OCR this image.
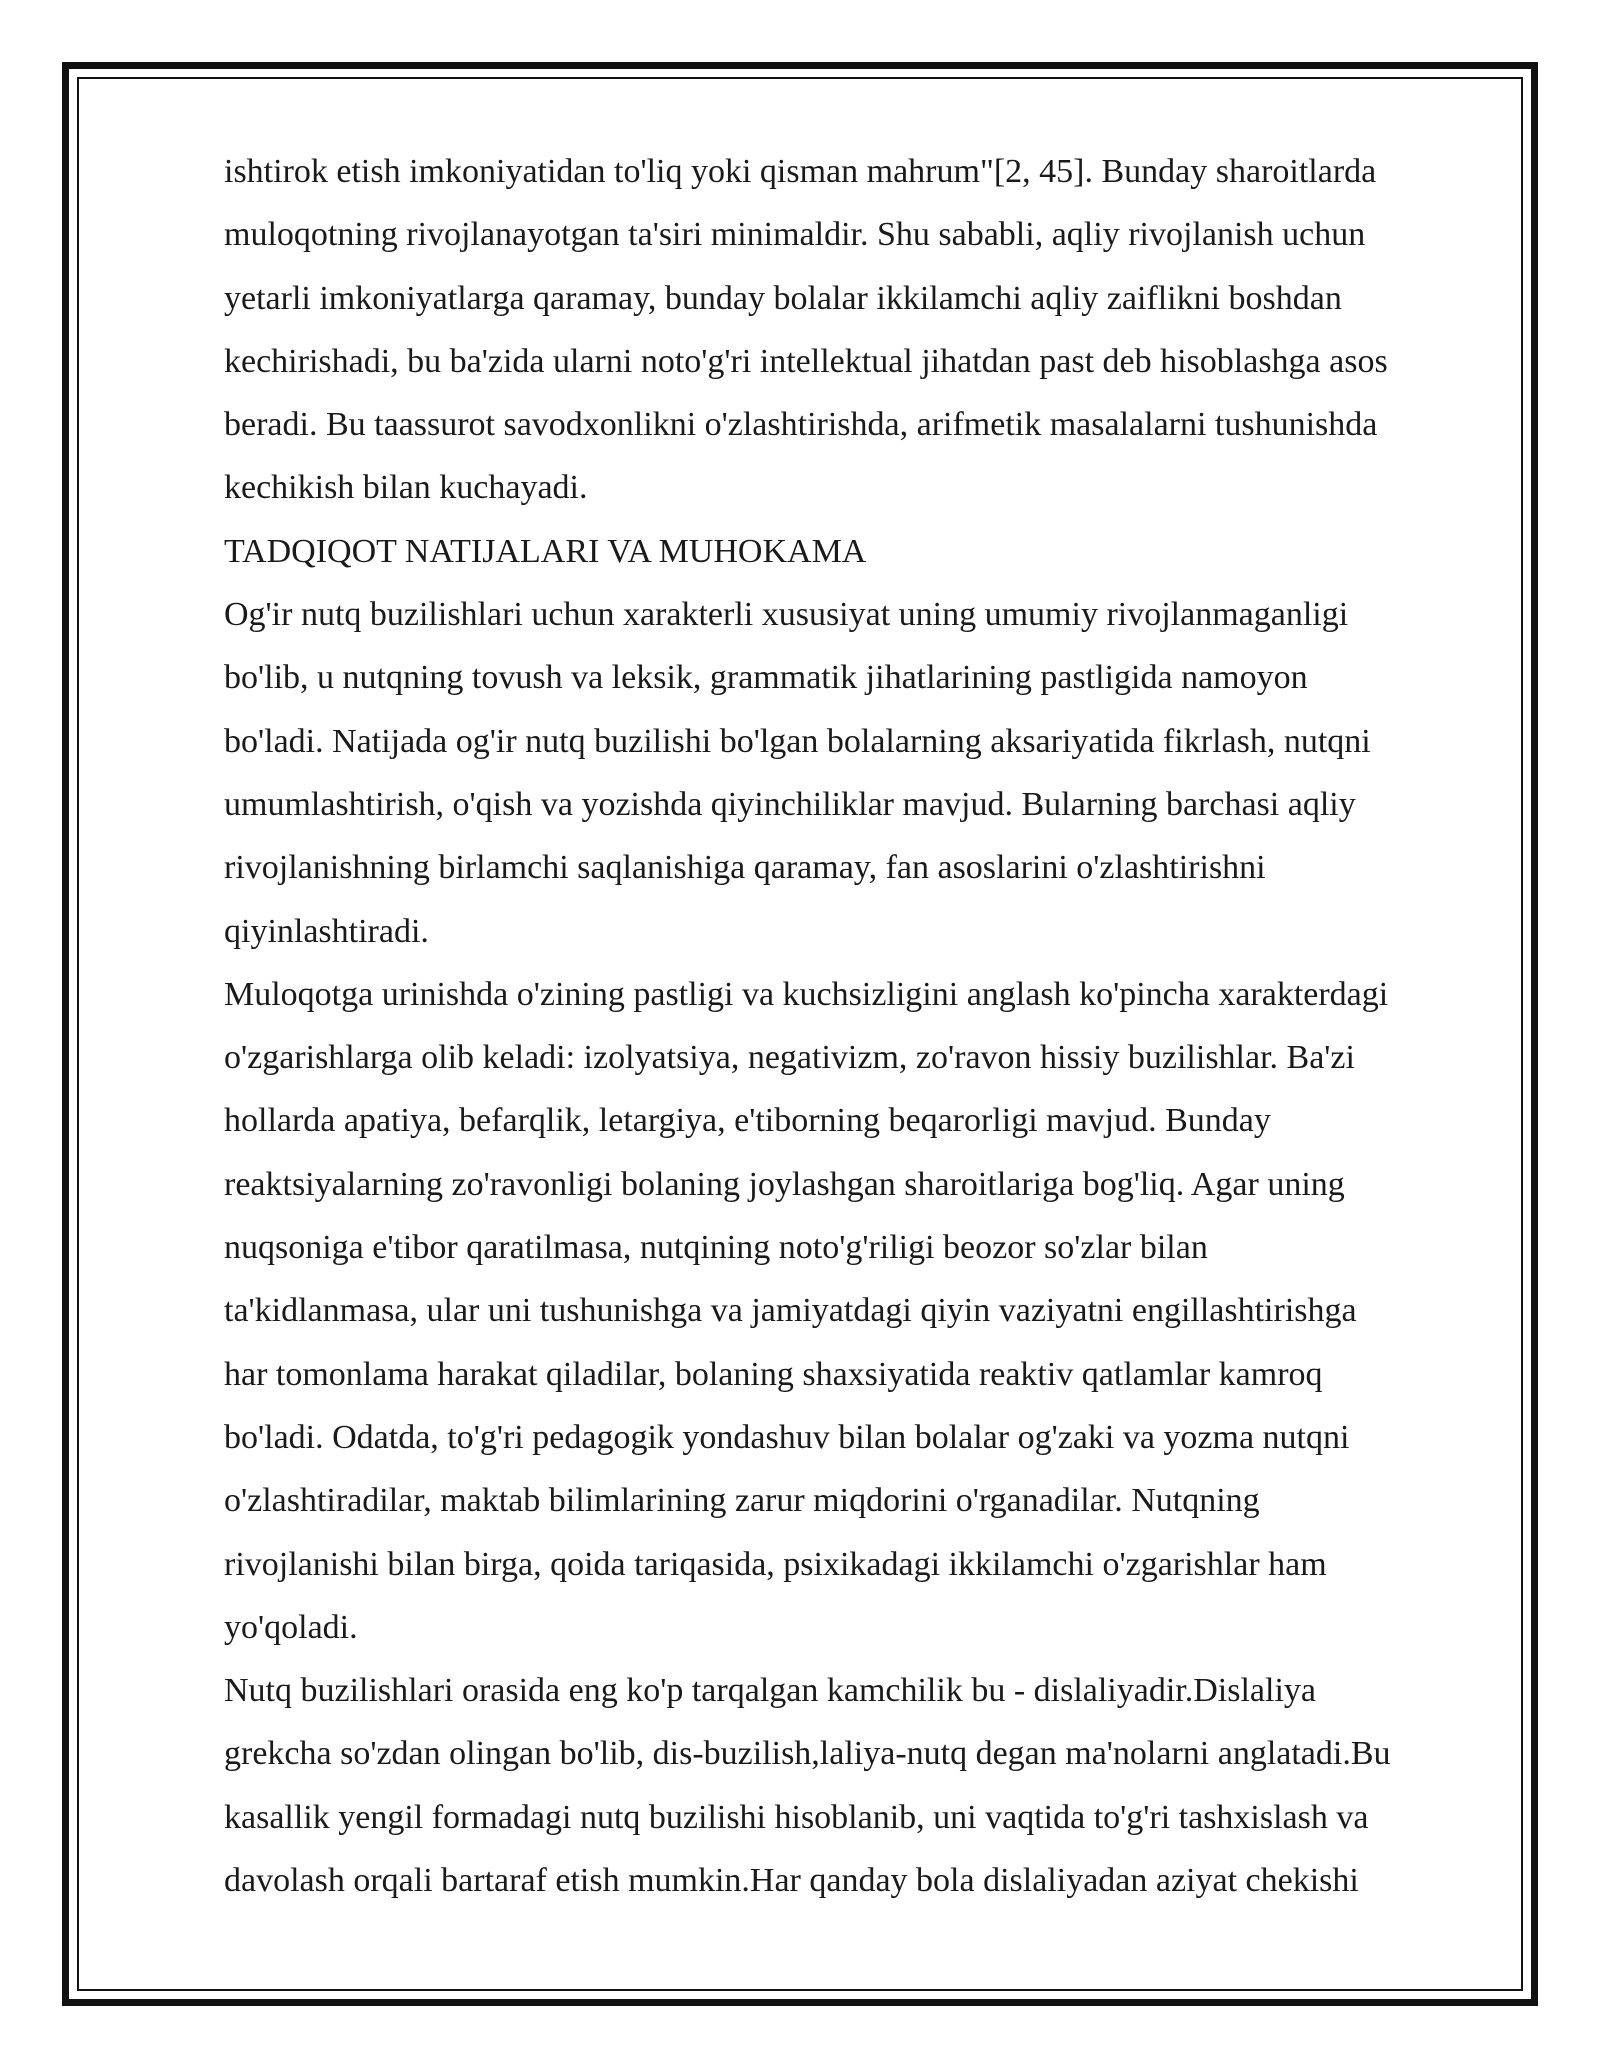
ishtirok etish imkoniyatidan to'liq yoki qisman mahrum"[2, 45]. Bunday sharoitlarda
muloqotning rivojlanayotgan ta'siri minimaldir. Shu sababli, aqliy rivojlanish uchun
yetarli imkoniyatlarga qaramay, bunday bolalar ikkilamchi aqliy zaiflikni boshdan
kechirishadi, bu ba'zida ularni noto'g'ri intellektual jihatdan past deb hisoblashga asos
beradi. Bu taassurot savodxonlikni o'zlashtirishda, arifmetik masalalarni tushunishda
kechikish bilan kuchayadi.

TADQIQOT NATIJALARI VA MUHOKAMA

Og'ir nutq buzilishlari uchun xarakterli xususiyat uning umumiy rivojlanmaganligi
bo'lib, u nutqning tovush va leksik, grammatik jihatlarining pastligida namoyon
bo'ladi. Natijada og'ir nutq buzilishi bo'lgan bolalarning aksariyatida fikrlash, nutqni
umumlashtirish, o'qish va yozishda qiyinchiliklar mavjud. Bularning barchasi aqliy
rivojlanishning birlamchi saqlanishiga qaramay, fan asoslarini o'zlashtirishni
qiyinlashtiradi.

Muloqotga urinishda o'zining pastligi va kuchsizligini anglash ko'pincha xarakterdagi
o'zgarishlarga olib keladi: izolyatsiya, negativizm, zo'ravon hissiy buzilishlar. Ba'zi
hollarda apatiya, befarqlik, letargiya, e'tiborning beqarorligi mavjud. Bunday
reaktsiyalarning zo'ravonligi bolaning joylashgan sharoitlariga bog'liq. Agar uning
nuqsoniga e'tibor qaratilmasa, nutqining noto'g'riligi beozor so'zlar bilan
ta'kidlanmasa, ular uni tushunishga va jamiyatdagi qiyin vaziyatni engillashtirishga
har tomonlama harakat qiladilar, bolaning shaxsiyatida reaktiv qatlamlar kamroq
bo'ladi. Odatda, to'g'ri pedagogik yondashuv bilan bolalar og'zaki va yozma nutqni
o'zlashtiradilar, maktab bilimlarining zarur miqdorini o'rganadilar. Nutqning
rivojlanishi bilan birga, qoida tariqasida, psixikadagi ikkilamchi o'zgarishlar ham
yo'qoladi.

Nutq buzilishlari orasida eng ko'p tarqalgan kamchilik bu - dislaliyadir.Dislaliya
grekcha so'zdan olingan bo'lib, dis-buzilish,laliya-nutq degan ma'nolarni anglatadi.Bu
kasallik yengil formadagi nutq buzilishi hisoblanib, uni vaqtida to'g'ri tashxislash va
davolash orqali bartaraf etish mumkin.Har qanday bola dislaliyadan aziyat chekishi
